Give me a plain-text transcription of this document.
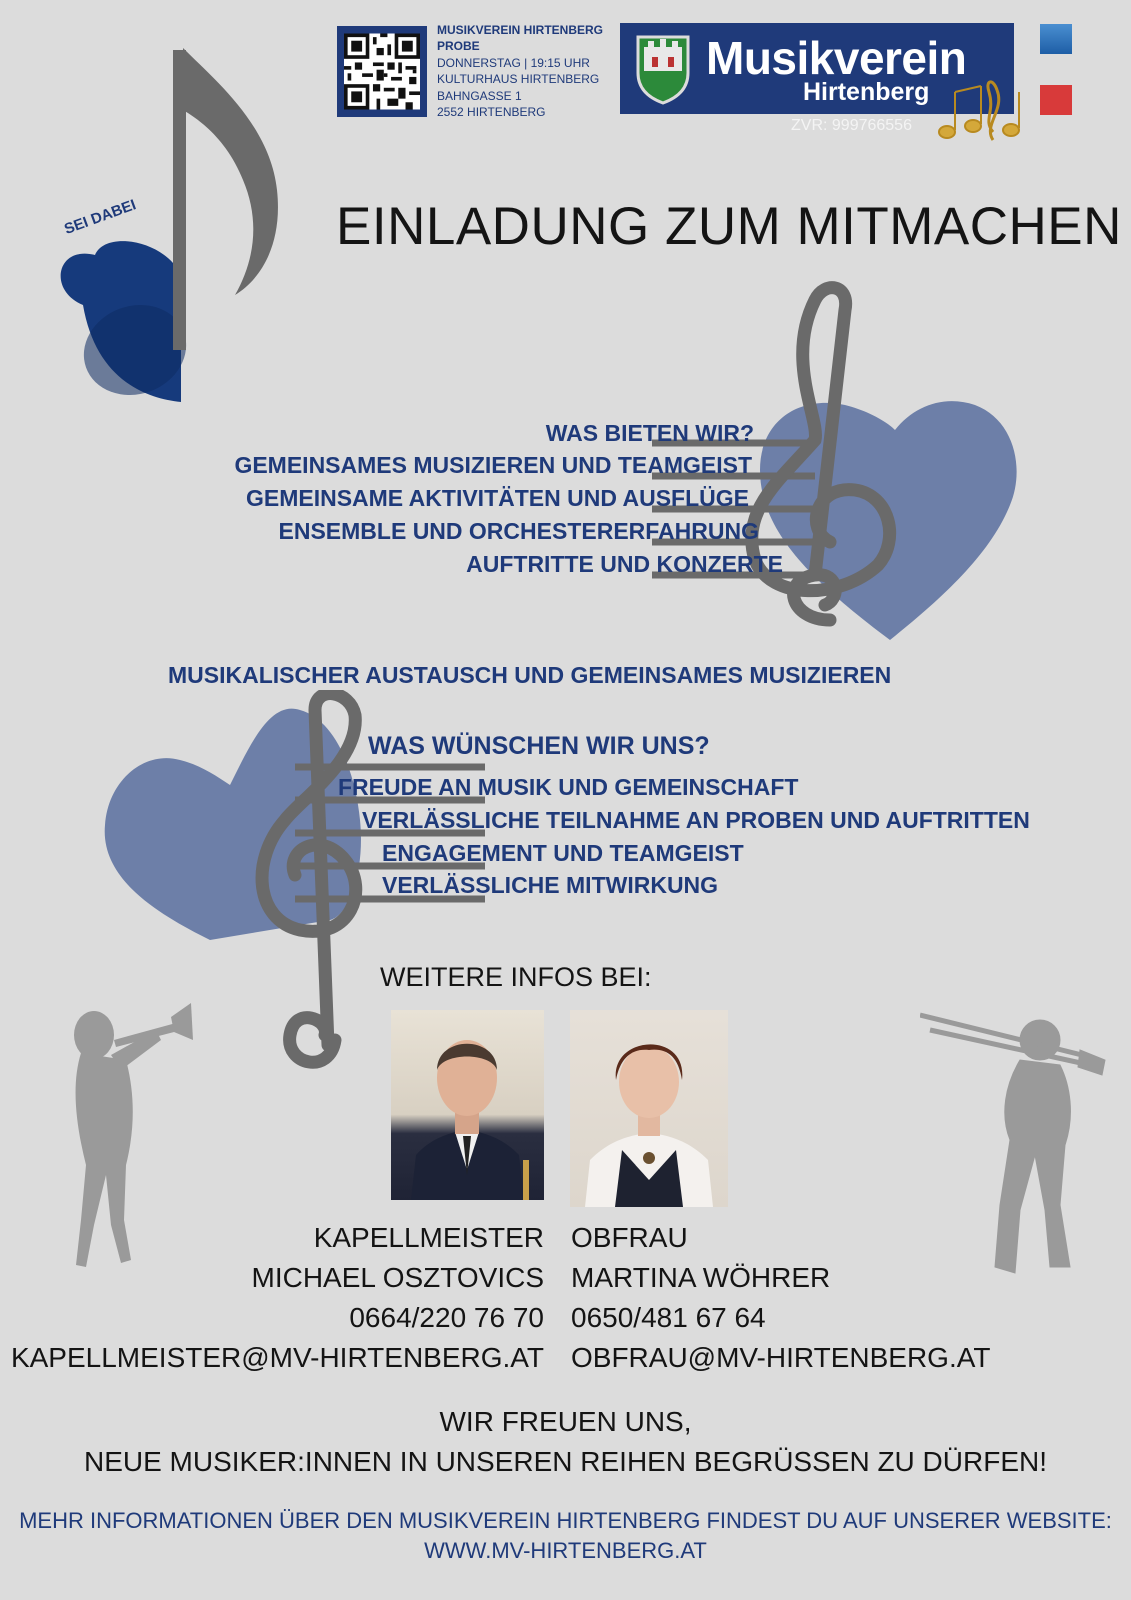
MUSIKVEREIN HIRTENBERG
PROBE
DONNERSTAG | 19:15 UHR
KULTURHAUS HIRTENBERG
BAHNGASSE 1
2552 HIRTENBERG
Musikverein
Hirtenberg
ZVR: 999766556
SEI DABEI	EINLADUNG ZUM MITMACHEN
WAS BIETEN WIR?
GEMEINSAMES MUSIZIEREN UND TEAMGEIST
GEMEINSAME AKTIVITÄTEN UND AUSFLÜGE
ENSEMBLE UND ORCHESTERERFAHRUNG
AUFTRITTE UND KONZERTE
MUSIKALISCHER AUSTAUSCH UND GEMEINSAMES MUSIZIEREN
WAS WÜNSCHEN WIR UNS?
FREUDE AN MUSIK UND GEMEINSCHAFT
VERLÄSSLICHE TEILNAHME AN PROBEN UND AUFTRITTEN
ENGAGEMENT UND TEAMGEIST
VERLÄSSLICHE MITWIRKUNG
WEITERE INFOS BEI:
KAPELLMEISTER
MICHAEL OSZTOVICS
0664/220 76 70
KAPELLMEISTER@MV-HIRTENBERG.AT
OBFRAU
MARTINA WÖHRER
0650/481 67 64
OBFRAU@MV-HIRTENBERG.AT
WIR FREUEN UNS,
NEUE MUSIKER:INNEN IN UNSEREN REIHEN BEGRÜSSEN ZU DÜRFEN!
MEHR INFORMATIONEN ÜBER DEN MUSIKVEREIN HIRTENBERG FINDEST DU AUF UNSERER WEBSITE:
WWW.MV-HIRTENBERG.AT
